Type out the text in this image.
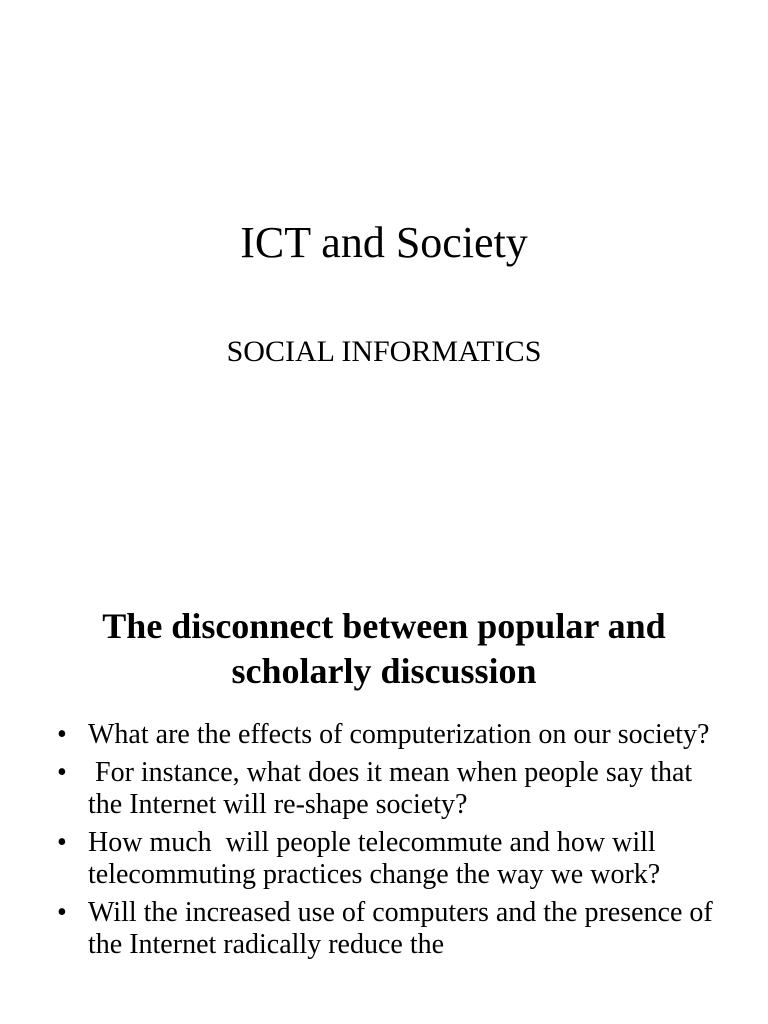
ICT and Society
SOCIAL INFORMATICS
The disconnect between popular and scholarly discussion
• What are the effects of computerization on our society?
• For instance, what does it mean when people say that the Internet will re-shape society?
• How much  will people telecommute and how will telecommuting practices change the way we work?
• Will the increased use of computers and the presence of the Internet radically reduce the
